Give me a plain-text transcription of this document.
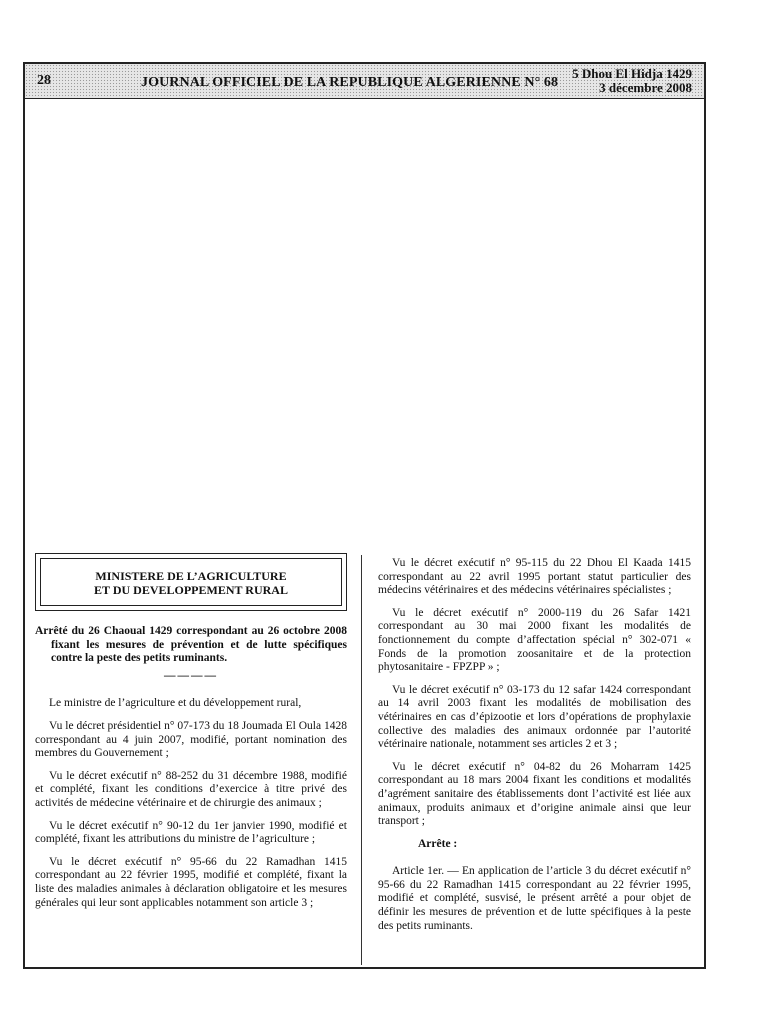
28	JOURNAL OFFICIEL DE LA REPUBLIQUE ALGERIENNE N° 68
5 Dhou El Hidja 1429
3 décembre 2008
MINISTERE DE L’AGRICULTURE
ET DU DEVELOPPEMENT RURAL
Arrêté du 26 Chaoual 1429 correspondant au 26 octobre 2008 fixant les mesures de prévention et de lutte spécifiques contre la peste des petits ruminants.
————

Le ministre de l’agriculture et du développement rural,

Vu le décret présidentiel n° 07-173 du 18 Joumada El Oula 1428 correspondant au 4 juin 2007, modifié, portant nomination des membres du Gouvernement ;

Vu le décret exécutif n° 88-252 du 31 décembre 1988, modifié et complété, fixant les conditions d’exercice à titre privé des activités de médecine vétérinaire et de chirurgie des animaux ;

Vu le décret exécutif n° 90-12 du 1er janvier 1990, modifié et complété, fixant les attributions du ministre de l’agriculture ;

Vu le décret exécutif n° 95-66 du 22 Ramadhan 1415 correspondant au 22 février 1995, modifié et complété, fixant la liste des maladies animales à déclaration obligatoire et les mesures générales qui leur sont applicables notamment son article 3 ;

Vu le décret exécutif n° 95-115 du 22 Dhou El Kaada 1415 correspondant au 22 avril 1995 portant statut particulier des médecins vétérinaires et des médecins vétérinaires spécialistes ;

Vu le décret exécutif n° 2000-119 du 26 Safar 1421 correspondant au 30 mai 2000 fixant les modalités de fonctionnement du compte d’affectation spécial n° 302-071 « Fonds de la promotion zoosanitaire et de la protection phytosanitaire - FPZPP » ;

Vu le décret exécutif n° 03-173 du 12 safar 1424 correspondant au 14 avril 2003 fixant les modalités de mobilisation des vétérinaires en cas d’épizootie et lors d’opérations de prophylaxie collective des maladies des animaux ordonnée par l’autorité vétérinaire nationale, notamment ses articles 2 et 3 ;

Vu le décret exécutif n° 04-82 du 26 Moharram 1425 correspondant au 18 mars 2004 fixant les conditions et modalités d’agrément sanitaire des établissements dont l’activité est liée aux animaux, produits animaux et d’origine animale ainsi que leur transport ;

Arrête :

Article 1er. — En application de l’article 3 du décret exécutif n° 95-66 du 22 Ramadhan 1415 correspondant au 22 février 1995, modifié et complété, susvisé, le présent arrêté a pour objet de définir les mesures de prévention et de lutte spécifiques à la peste des petits ruminants.
